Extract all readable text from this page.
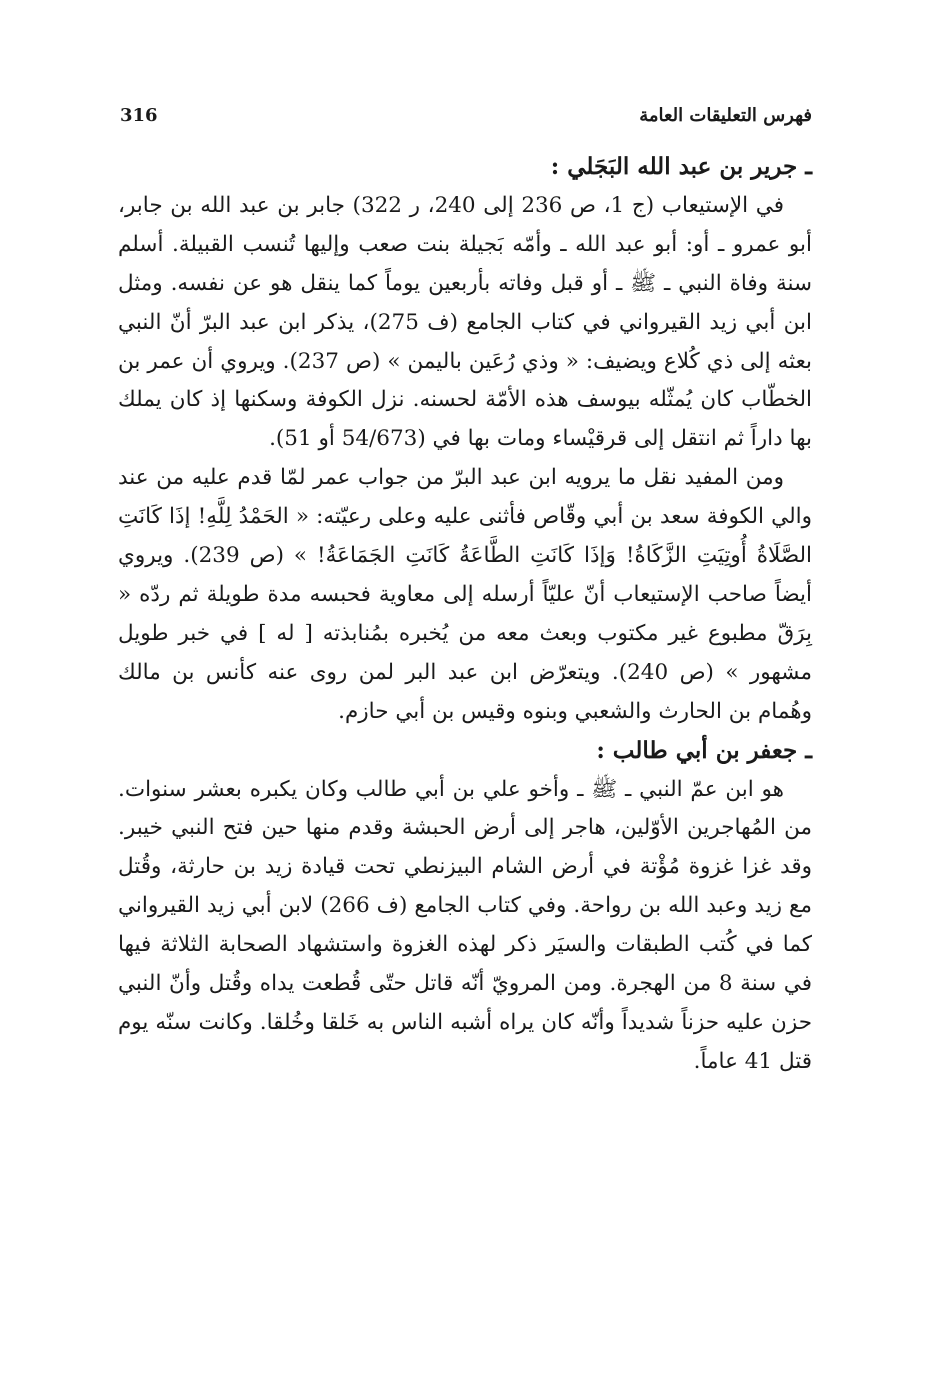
316	فهرس التعليقات العامة

ـ جرير بن عبد الله البَجَلي :

في الإستيعاب (ج 1، ص 236 إلى 240، ر 322) جابر بن عبد الله بن جابر، أبو عمرو ـ أو: أبو عبد الله ـ وأمّه بَجيلة بنت صعب وإليها تُنسب القبيلة. أسلم سنة وفاة النبي ـ ﷺ ـ أو قبل وفاته بأربعين يوماً كما ينقل هو عن نفسه. ومثل ابن أبي زيد القيرواني في كتاب الجامع (ف 275)، يذكر ابن عبد البرّ أنّ النبي بعثه إلى ذي كُلاع ويضيف: « وذي رُعَين باليمن » (ص 237). ويروي أن عمر بن الخطّاب كان يُمثّله بيوسف هذه الأمّة لحسنه. نزل الكوفة وسكنها إذ كان يملك بها داراً ثم انتقل إلى قرقيْساء ومات بها في (54/673 أو 51).

ومن المفيد نقل ما يرويه ابن عبد البرّ من جواب عمر لمّا قدم عليه من عند والي الكوفة سعد بن أبي وقّاص فأثنى عليه وعلى رعيّته: « الحَمْدُ لِلَّهِ! إذَا كَانَتِ الصَّلَاةُ أُوتِيَتِ الزَّكَاةُ! وَإذَا كَانَتِ الطَّاعَةُ كَانَتِ الجَمَاعَةُ! » (ص 239). ويروي أيضاً صاحب الإستيعاب أنّ عليّاً أرسله إلى معاوية فحبسه مدة طويلة ثم ردّه « بِرَقّ مطبوع غير مكتوب وبعث معه من يُخبره بمُنابذته [ له ] في خبر طويل مشهور » (ص 240). ويتعرّض ابن عبد البر لمن روى عنه كأنس بن مالك وهُمام بن الحارث والشعبي وبنوه وقيس بن أبي حازم.

ـ جعفر بن أبي طالب :

هو ابن عمّ النبي ـ ﷺ ـ وأخو علي بن أبي طالب وكان يكبره بعشر سنوات. من المُهاجرين الأوّلين، هاجر إلى أرض الحبشة وقدم منها حين فتح النبي خيبر. وقد غزا غزوة مُؤْتة في أرض الشام البيزنطي تحت قيادة زيد بن حارثة، وقُتل مع زيد وعبد الله بن رواحة. وفي كتاب الجامع (ف 266) لابن أبي زيد القيرواني كما في كُتب الطبقات والسيَر ذكر لهذه الغزوة واستشهاد الصحابة الثلاثة فيها في سنة 8 من الهجرة. ومن المرويّ أنّه قاتل حتّى قُطعت يداه وقُتل وأنّ النبي حزن عليه حزناً شديداً وأنّه كان يراه أشبه الناس به خَلقا وخُلقا. وكانت سنّه يوم قتل 41 عاماً.
